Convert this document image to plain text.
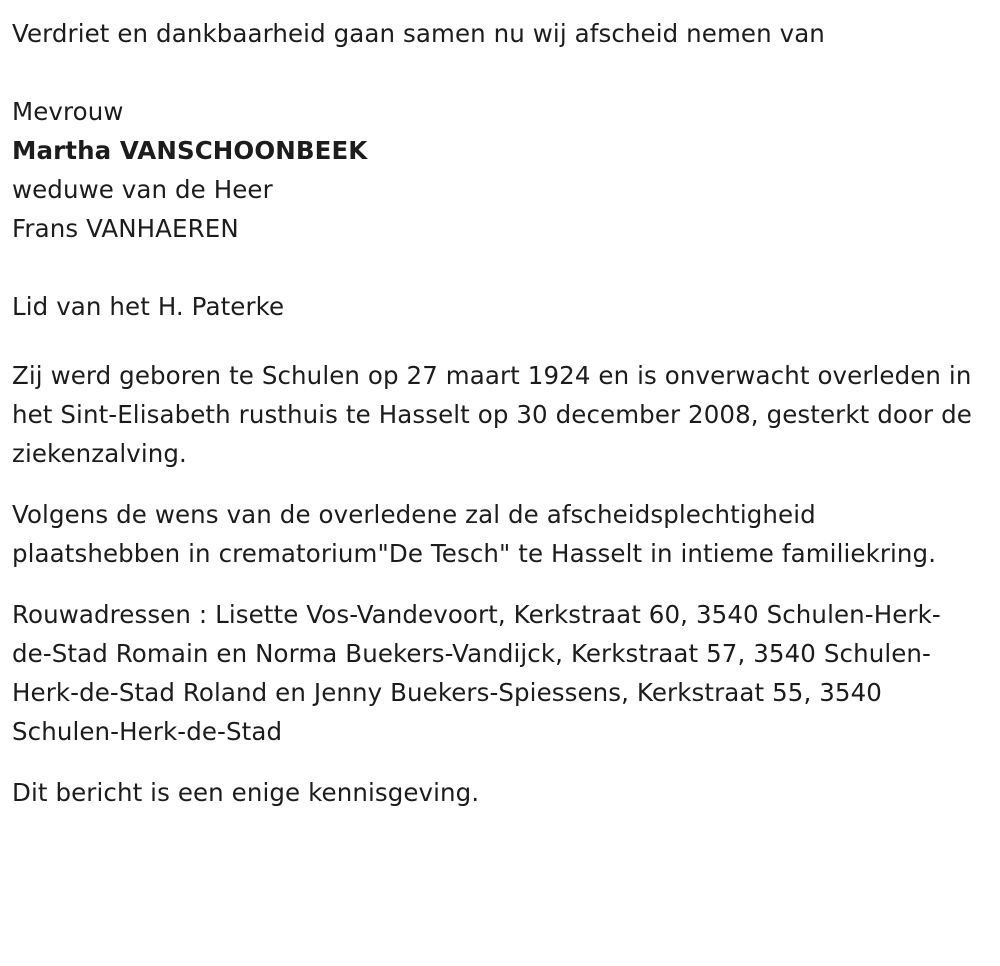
Verdriet en dankbaarheid gaan samen nu wij afscheid nemen van
Mevrouw
Martha VANSCHOONBEEK
weduwe van de Heer
Frans VANHAEREN
Lid van het H. Paterke
Zij werd geboren te Schulen op 27 maart 1924 en is onverwacht overleden in het Sint-Elisabeth rusthuis te Hasselt op 30 december 2008, gesterkt door de ziekenzalving.
Volgens de wens van de overledene zal de afscheidsplechtigheid plaatshebben in crematorium"De Tesch" te Hasselt in intieme familiekring.
Rouwadressen : Lisette Vos-Vandevoort, Kerkstraat 60, 3540 Schulen-Herk-de-Stad Romain en Norma Buekers-Vandijck, Kerkstraat 57, 3540 Schulen-Herk-de-Stad Roland en Jenny Buekers-Spiessens, Kerkstraat 55, 3540 Schulen-Herk-de-Stad
Dit bericht is een enige kennisgeving.
